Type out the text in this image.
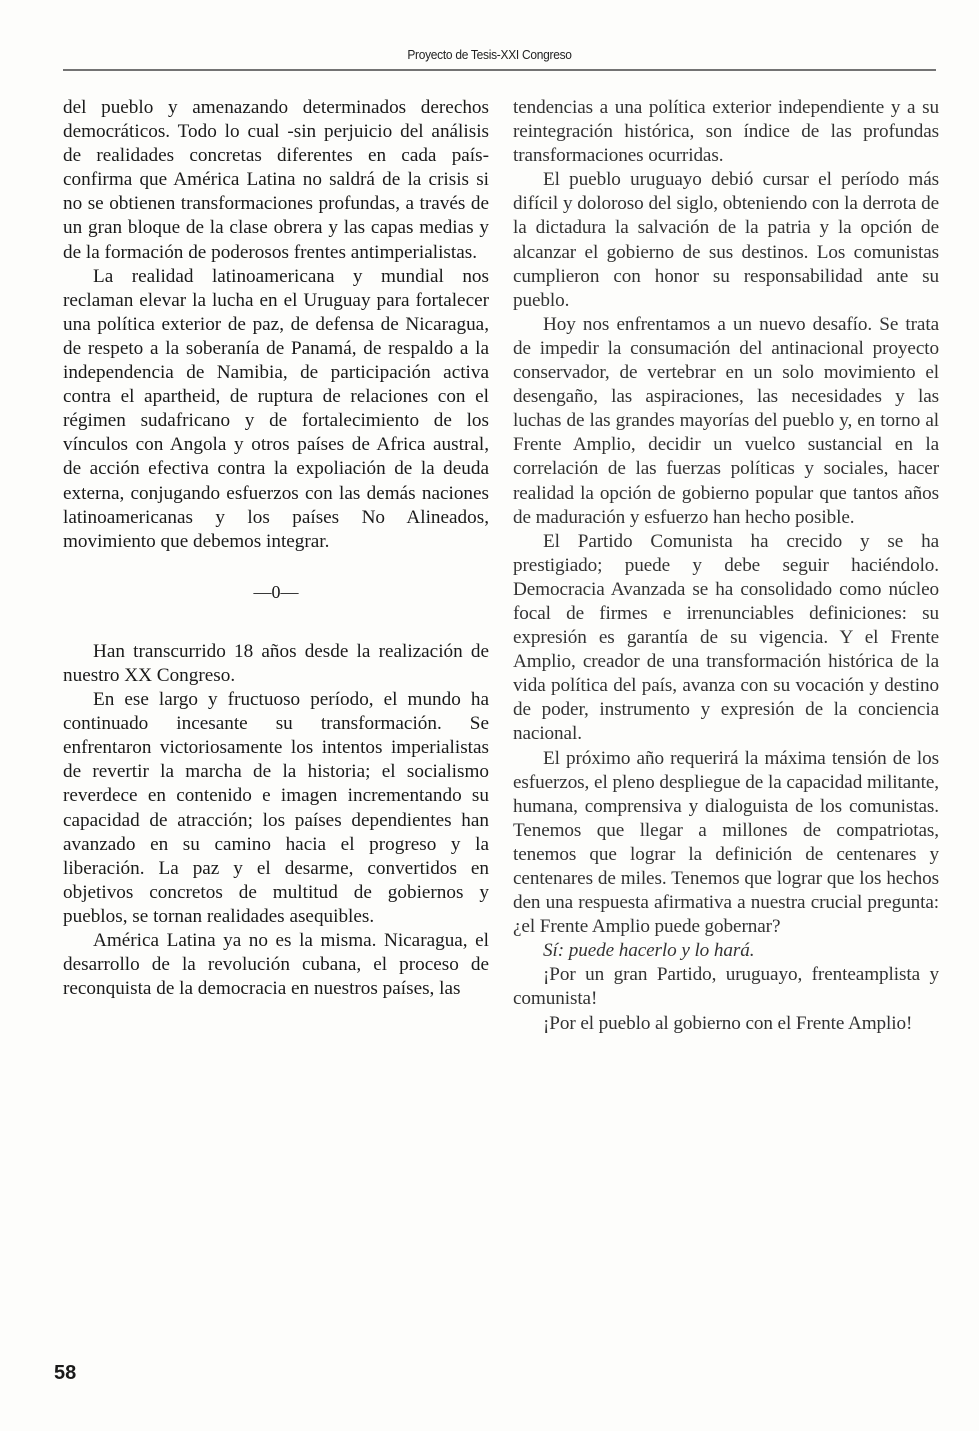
Proyecto de Tesis-XXI Congreso

del pueblo y amenazando determinados derechos democráticos. Todo lo cual -sin perjuicio del análisis de realidades concretas diferentes en cada país-confirma que América Latina no saldrá de la crisis si no se obtienen transformaciones profundas, a través de un gran bloque de la clase obrera y las capas medias y de la formación de poderosos frentes antimperialistas.

La realidad latinoamericana y mundial nos reclaman elevar la lucha en el Uruguay para fortalecer una política exterior de paz, de defensa de Nicaragua, de respeto a la soberanía de Panamá, de respaldo a la independencia de Namibia, de participación activa contra el apartheid, de ruptura de relaciones con el régimen sudafricano y de fortalecimiento de los vínculos con Angola y otros países de Africa austral, de acción efectiva contra la expoliación de la deuda externa, conjugando esfuerzos con las demás naciones latinoamericanas y los países No Alineados, movimiento que debemos integrar.

—0—

Han transcurrido 18 años desde la realización de nuestro XX Congreso.

En ese largo y fructuoso período, el mundo ha continuado incesante su transformación. Se enfrentaron victoriosamente los intentos imperialistas de revertir la marcha de la historia; el socialismo reverdece en contenido e imagen incrementando su capacidad de atracción; los países dependientes han avanzado en su camino hacia el progreso y la liberación. La paz y el desarme, convertidos en objetivos concretos de multitud de gobiernos y pueblos, se tornan realidades asequibles.

América Latina ya no es la misma. Nicaragua, el desarrollo de la revolución cubana, el proceso de reconquista de la democracia en nuestros países, las

tendencias a una política exterior independiente y a su reintegración histórica, son índice de las profundas transformaciones ocurridas.

El pueblo uruguayo debió cursar el período más difícil y doloroso del siglo, obteniendo con la derrota de la dictadura la salvación de la patria y la opción de alcanzar el gobierno de sus destinos. Los comunistas cumplieron con honor su responsabilidad ante su pueblo.

Hoy nos enfrentamos a un nuevo desafío. Se trata de impedir la consumación del antinacional proyecto conservador, de vertebrar en un solo movimiento el desengaño, las aspiraciones, las necesidades y las luchas de las grandes mayorías del pueblo y, en torno al Frente Amplio, decidir un vuelco sustancial en la correlación de las fuerzas políticas y sociales, hacer realidad la opción de gobierno popular que tantos años de maduración y esfuerzo han hecho posible.

El Partido Comunista ha crecido y se ha prestigiado; puede y debe seguir haciéndolo. Democracia Avanzada se ha consolidado como núcleo focal de firmes e irrenunciables definiciones: su expresión es garantía de su vigencia. Y el Frente Amplio, creador de una transformación histórica de la vida política del país, avanza con su vocación y destino de poder, instrumento y expresión de la conciencia nacional.

El próximo año requerirá la máxima tensión de los esfuerzos, el pleno despliegue de la capacidad militante, humana, comprensiva y dialoguista de los comunistas. Tenemos que llegar a millones de compatriotas, tenemos que lograr la definición de centenares y centenares de miles. Tenemos que lograr que los hechos den una respuesta afirmativa a nuestra crucial pregunta: ¿el Frente Amplio puede gobernar?

Sí: puede hacerlo y lo hará.

¡Por un gran Partido, uruguayo, frenteamplista y comunista!

¡Por el pueblo al gobierno con el Frente Amplio!

58
